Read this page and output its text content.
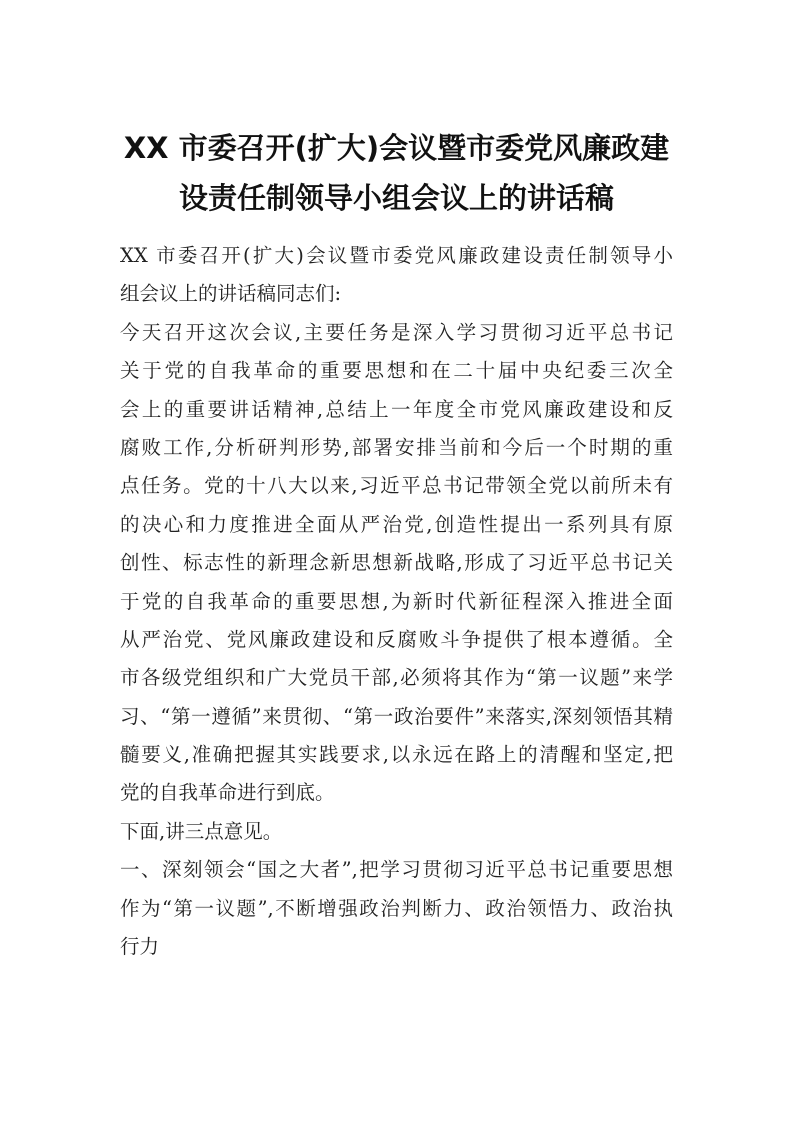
XX 市委召开(扩大)会议暨市委党风廉政建
设责任制领导小组会议上的讲话稿
XX 市委召开(扩大)会议暨市委党风廉政建设责任制领导小
组会议上的讲话稿同志们:
今天召开这次会议,主要任务是深入学习贯彻习近平总书记
关于党的自我革命的重要思想和在二十届中央纪委三次全
会上的重要讲话精神,总结上一年度全市党风廉政建设和反
腐败工作,分析研判形势,部署安排当前和今后一个时期的重
点任务。党的十八大以来,习近平总书记带领全党以前所未有
的决心和力度推进全面从严治党,创造性提出一系列具有原
创性、标志性的新理念新思想新战略,形成了习近平总书记关
于党的自我革命的重要思想,为新时代新征程深入推进全面
从严治党、党风廉政建设和反腐败斗争提供了根本遵循。全
市各级党组织和广大党员干部,必须将其作为“第一议题”来学
习、“第一遵循”来贯彻、“第一政治要件”来落实,深刻领悟其精
髓要义,准确把握其实践要求,以永远在路上的清醒和坚定,把
党的自我革命进行到底。
下面,讲三点意见。
一、深刻领会“国之大者”,把学习贯彻习近平总书记重要思想
作为“第一议题”,不断增强政治判断力、政治领悟力、政治执
行力
